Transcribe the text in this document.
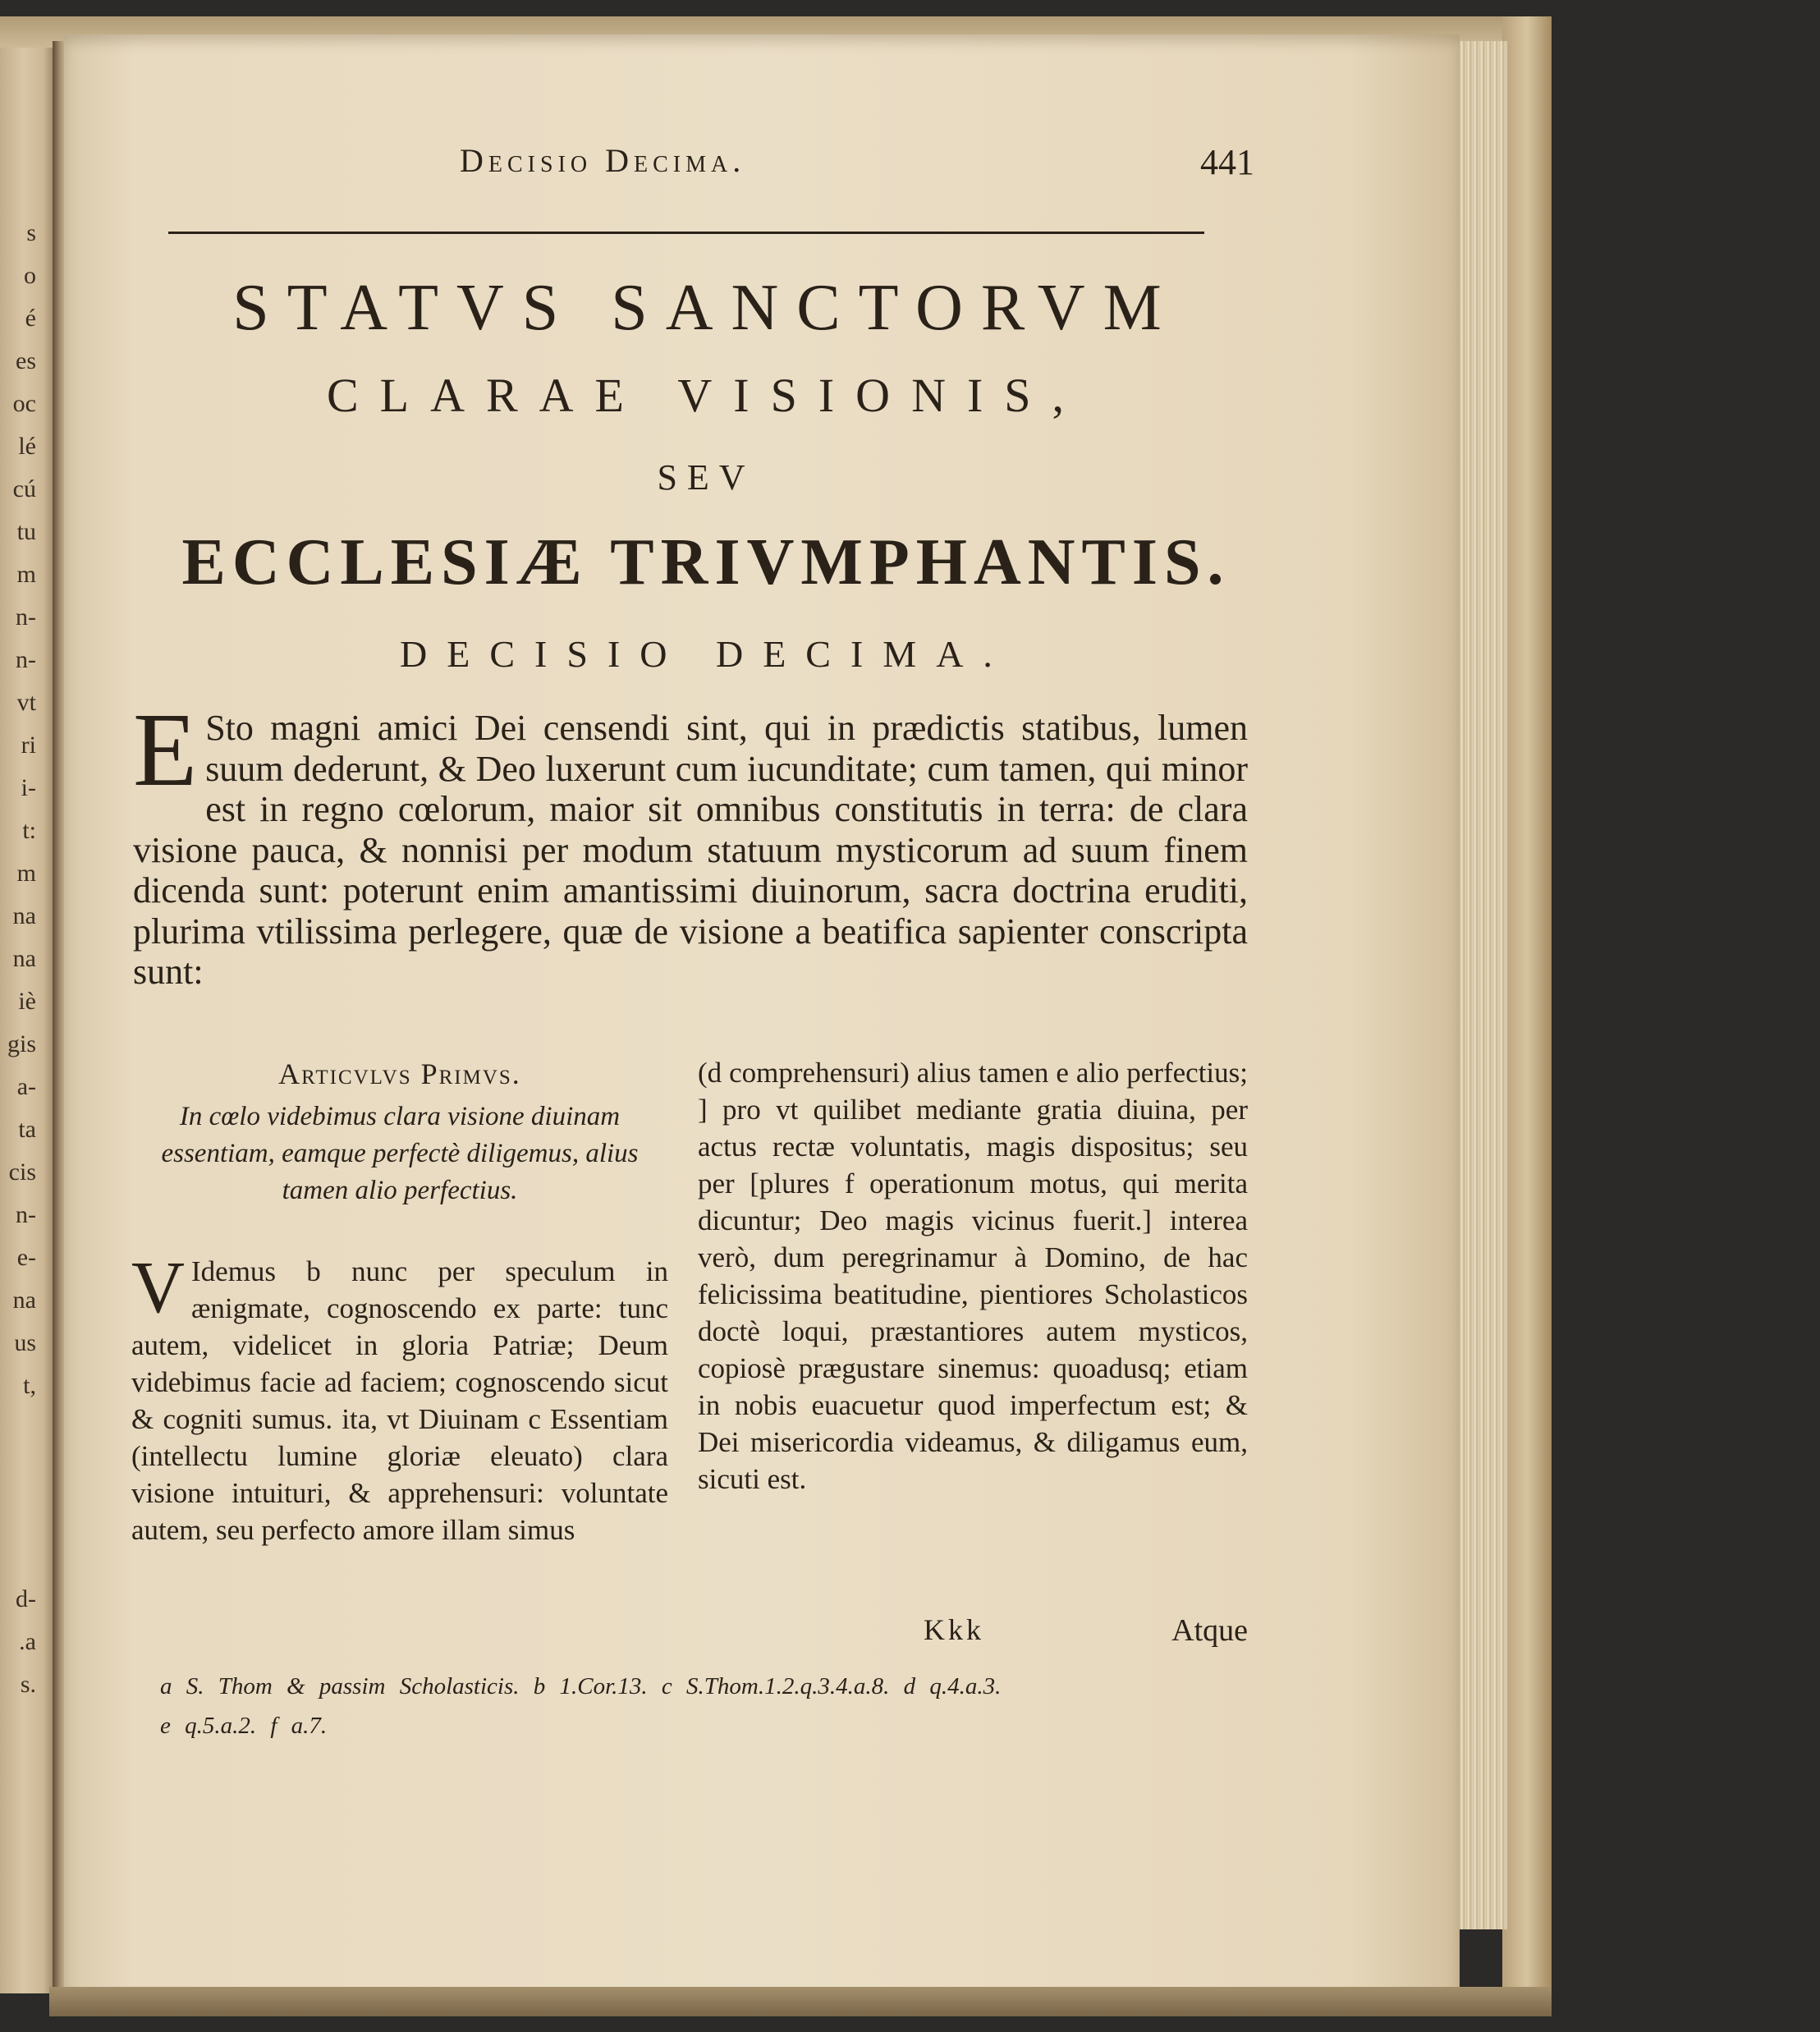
s
o
é
es
oc
lé
cú
tu
m
n-
n-
vt
ri
i-
t:
m
na
na
iè
gis
a-
ta
cis
n-
e-
na
us
t,
d-
.a
s.
Decisio Decima.	441
STATVS SANCTORVM
CLARAE VISIONIS,
SEV
ECCLESIÆ TRIVMPHANTIS.
DECISIO DECIMA.
E Sto magni amici Dei censendi sint, qui in prædictis statibus, lumen suum dederunt, & Deo luxerunt cum iucunditate; cum tamen, qui minor est in regno cœlorum, maior sit omnibus constitutis in terra: de clara visione pauca, & nonnisi per modum statuum mysticorum ad suum finem dicenda sunt: poterunt enim amantissimi diuinorum, sacra doctrina eruditi, plurima vtilissima perlegere, quæ de visione a beatifica sapienter conscripta sunt:

Articvlvs Primvs.

In cœlo videbimus clara visione diuinam essentiam, eamque perfectè diligemus, alius tamen alio perfectius.

V Idemus b nunc per speculum in ænigmate, cognoscendo ex parte: tunc autem, videlicet in gloria Patriæ; Deum videbimus facie ad faciem; cognoscendo sicut & cogniti sumus. ita, vt Diuinam c Essentiam (intellectu lumine gloriæ eleuato) clara visione intuituri, & apprehensuri: voluntate autem, seu perfecto amore illam simus
(d comprehensuri) alius tamen e alio perfectius; ] pro vt quilibet mediante gratia diuina, per actus rectæ voluntatis, magis dispositus; seu per [plures f operationum motus, qui merita dicuntur; Deo magis vicinus fuerit.] interea verò, dum peregrinamur à Domino, de hac felicissima beatitudine, pientiores Scholasticos doctè loqui, præstantiores autem mysticos, copiosè prægustare sinemus: quoadusq; etiam in nobis euacuetur quod imperfectum est; & Dei misericordia videamus, & diligamus eum, sicuti est.
Kkk	Atque
a S. Thom & passim Scholasticis. b 1.Cor.13. c S.Thom.1.2.q.3.4.a.8. d q.4.a.3.
e q.5.a.2. f a.7.
